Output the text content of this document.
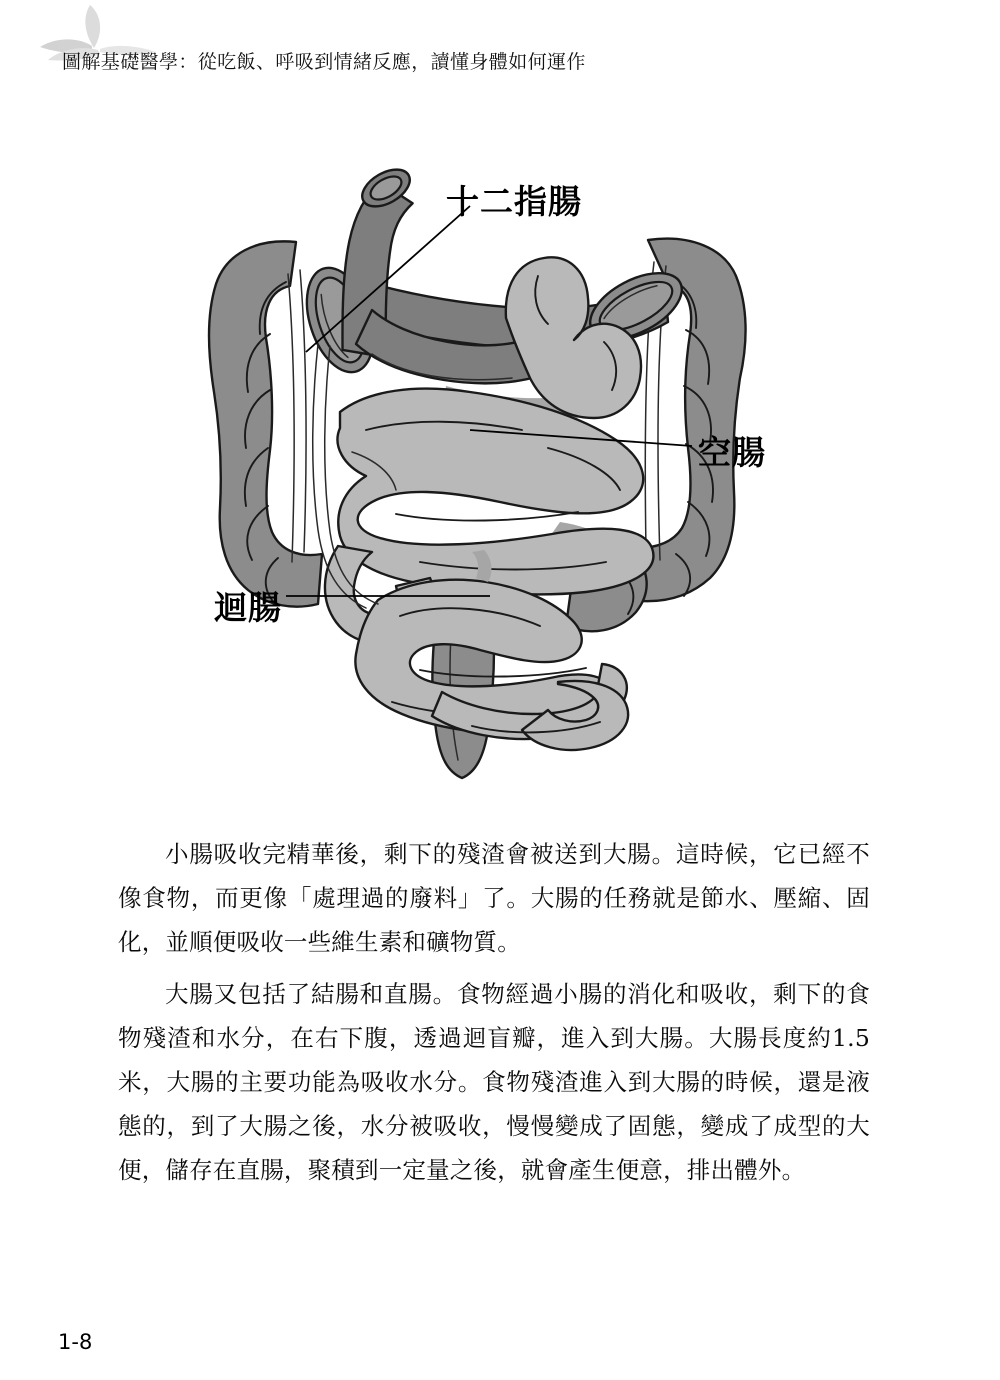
圖解基礎醫學：從吃飯、呼吸到情緒反應，讀懂身體如何運作
十二指腸
空腸
迴腸

小腸吸收完精華後，剩下的殘渣會被送到大腸。這時候，它已經不像食物，而更像「處理過的廢料」了。大腸的任務就是節水、壓縮、固化，並順便吸收一些維生素和礦物質。

大腸又包括了結腸和直腸。食物經過小腸的消化和吸收，剩下的食物殘渣和水分，在右下腹，透過迴盲瓣，進入到大腸。大腸長度約1.5米，大腸的主要功能為吸收水分。食物殘渣進入到大腸的時候，還是液態的，到了大腸之後，水分被吸收，慢慢變成了固態，變成了成型的大便，儲存在直腸，聚積到一定量之後，就會產生便意，排出體外。

1-8
